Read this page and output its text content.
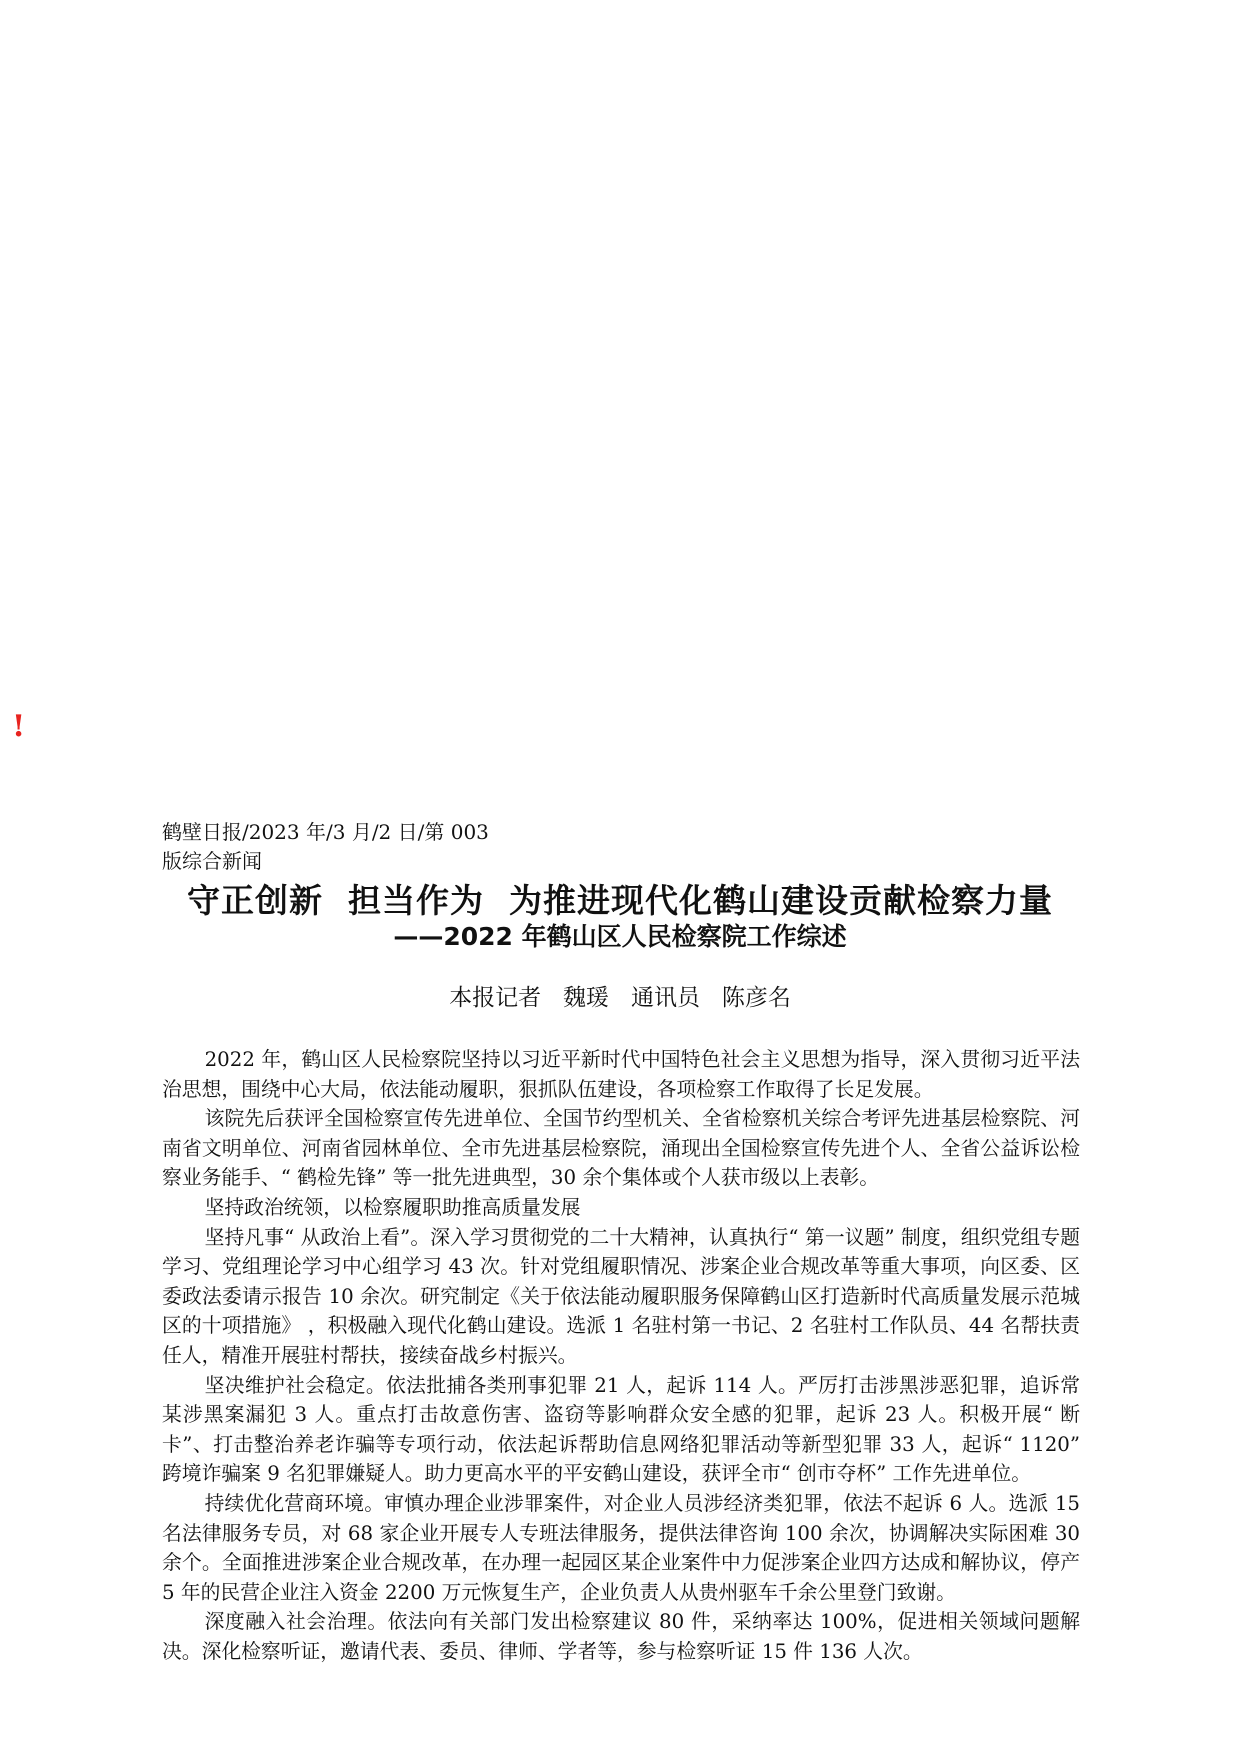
!
鹤壁日报/2023 年/3 月/2 日/第 003
版综合新闻
守正创新  担当作为  为推进现代化鹤山建设贡献检察力量
——2022 年鹤山区人民检察院工作综述
本报记者   魏瑗   通讯员   陈彦名

2022 年，鹤山区人民检察院坚持以习近平新时代中国特色社会主义思想为指导，深入贯彻习近平法治思想，围绕中心大局，依法能动履职，狠抓队伍建设，各项检察工作取得了长足发展。

该院先后获评全国检察宣传先进单位、全国节约型机关、全省检察机关综合考评先进基层检察院、河南省文明单位、河南省园林单位、全市先进基层检察院，涌现出全国检察宣传先进个人、全省公益诉讼检察业务能手、“ 鹤检先锋” 等一批先进典型，30 余个集体或个人获市级以上表彰。

坚持政治统领，以检察履职助推高质量发展

坚持凡事“ 从政治上看”。深入学习贯彻党的二十大精神，认真执行“ 第一议题” 制度，组织党组专题学习、党组理论学习中心组学习 43 次。针对党组履职情况、涉案企业合规改革等重大事项，向区委、区委政法委请示报告 10 余次。研究制定《关于依法能动履职服务保障鹤山区打造新时代高质量发展示范城区的十项措施》 ，积极融入现代化鹤山建设。选派 1 名驻村第一书记、2 名驻村工作队员、44 名帮扶责任人，精准开展驻村帮扶，接续奋战乡村振兴。

坚决维护社会稳定。依法批捕各类刑事犯罪 21 人，起诉 114 人。严厉打击涉黑涉恶犯罪，追诉常某涉黑案漏犯 3 人。重点打击故意伤害、盗窃等影响群众安全感的犯罪，起诉 23 人。积极开展“ 断卡”、打击整治养老诈骗等专项行动，依法起诉帮助信息网络犯罪活动等新型犯罪 33 人，起诉“ 1120” 跨境诈骗案 9 名犯罪嫌疑人。助力更高水平的平安鹤山建设，获评全市“ 创市夺杯” 工作先进单位。

持续优化营商环境。审慎办理企业涉罪案件，对企业人员涉经济类犯罪，依法不起诉 6 人。选派 15 名法律服务专员，对 68 家企业开展专人专班法律服务，提供法律咨询 100 余次，协调解决实际困难 30 余个。全面推进涉案企业合规改革，在办理一起园区某企业案件中力促涉案企业四方达成和解协议，停产 5 年的民营企业注入资金 2200 万元恢复生产，企业负责人从贵州驱车千余公里登门致谢。

深度融入社会治理。依法向有关部门发出检察建议 80 件，采纳率达 100%，促进相关领域问题解决。深化检察听证，邀请代表、委员、律师、学者等，参与检察听证 15 件 136 人次。
